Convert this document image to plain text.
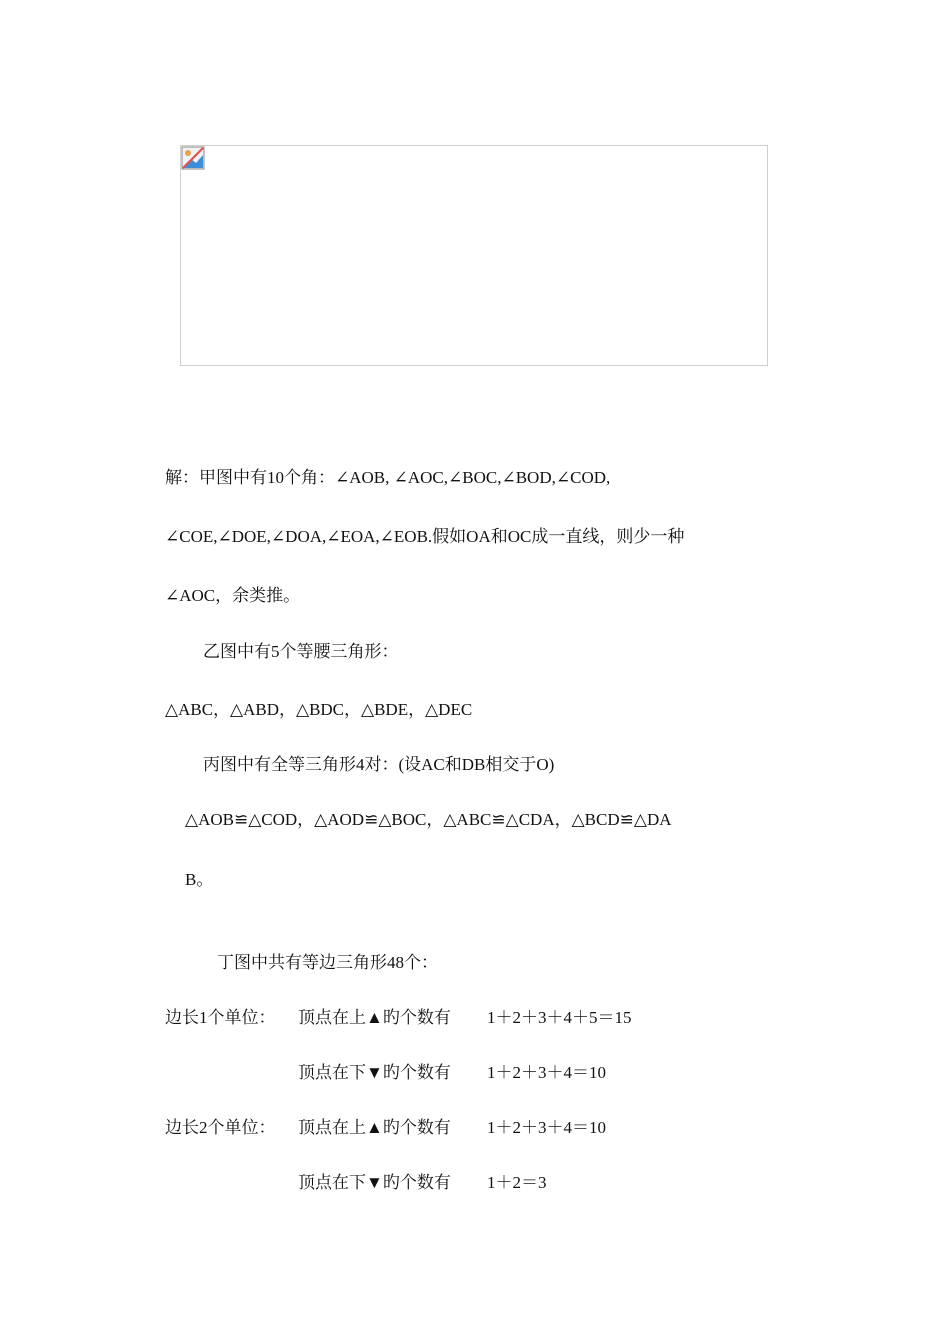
解：甲图中有10个角：∠AOB, ∠AOC,∠BOC,∠BOD,∠COD,
∠COE,∠DOE,∠DOA,∠EOA,∠EOB.假如OA和OC成一直线，则少一种
∠AOC，余类推。
乙图中有5个等腰三角形：
△ABC，△ABD，△BDC，△BDE，△DEC
丙图中有全等三角形4对：(设AC和DB相交于O)
△AOB≌△COD，△AOD≌△BOC，△ABC≌△CDA，△BCD≌△DA
B。
丁图中共有等边三角形48个：
边长1个单位： 顶点在上▲旳个数有 1＋2＋3＋4＋5＝15
顶点在下▼旳个数有 1＋2＋3＋4＝10
边长2个单位： 顶点在上▲旳个数有 1＋2＋3＋4＝10
顶点在下▼旳个数有 1＋2＝3
